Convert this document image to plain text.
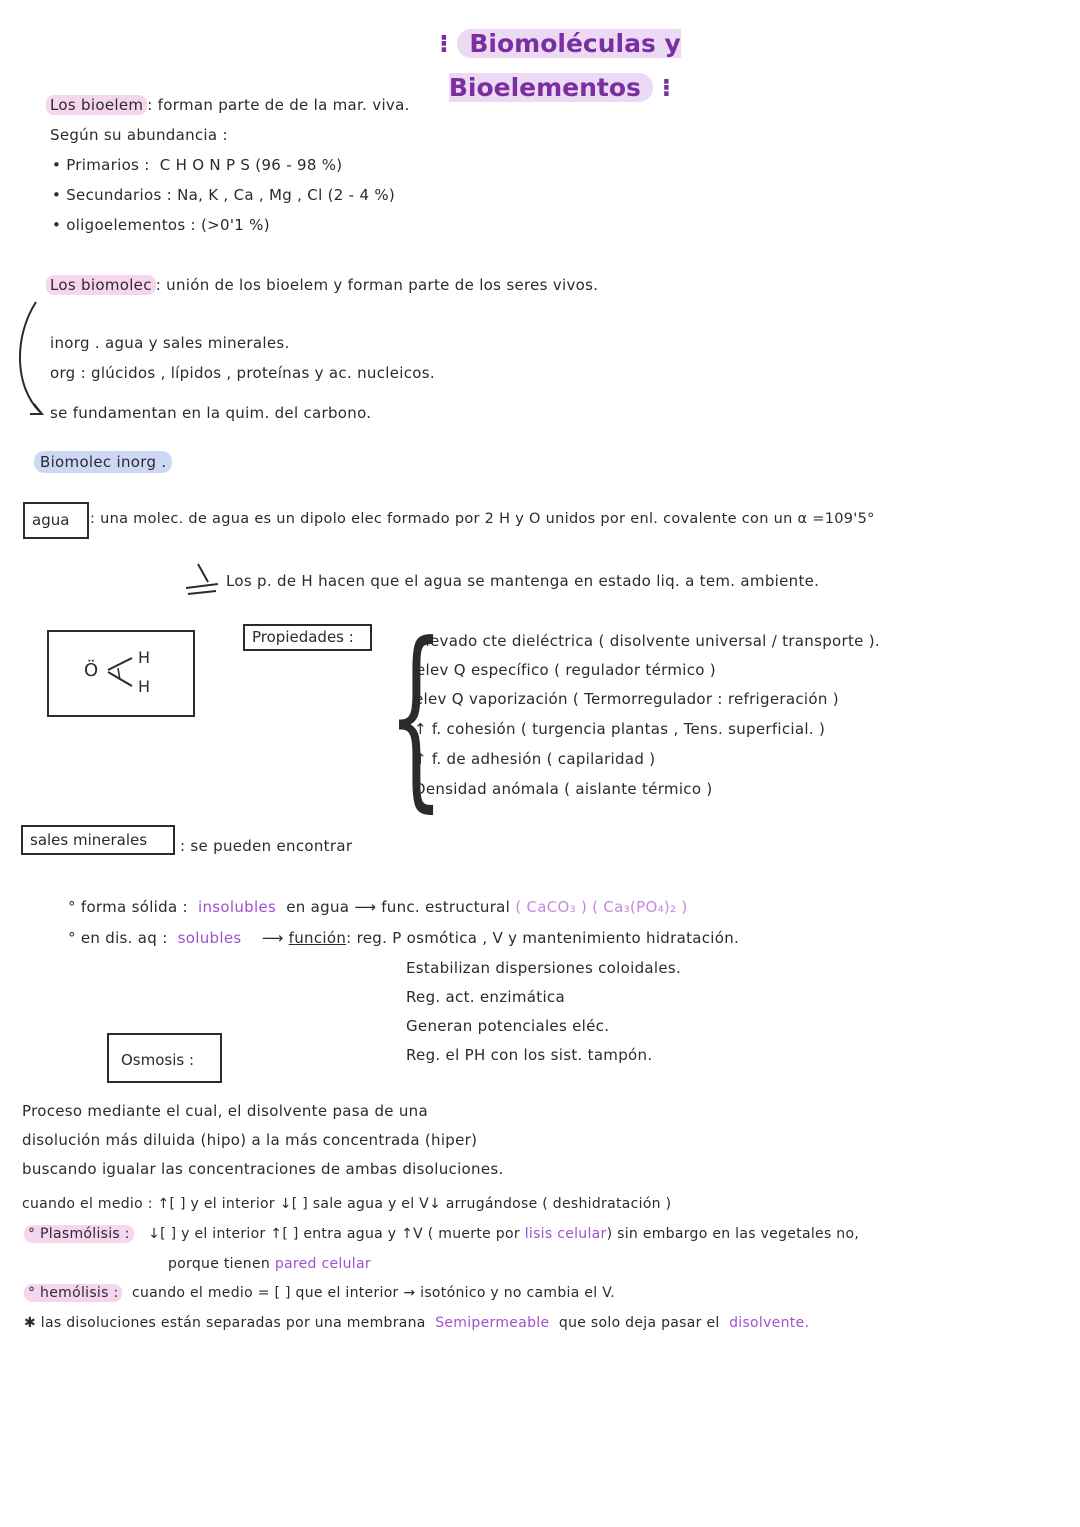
⁝ Biomoléculas y Bioelementos ⁝
Los bioelem : forman parte de de la mar. viva.
Según su abundancia :
• Primarios : C H O N P S (96 - 98 %)
• Secundarios : Na, K , Ca , Mg , Cl (2 - 4 %)
• oligoelementos : (>0'1 %)
Los biomolec : unión de los bioelem y forman parte de los seres vivos.
inorg . agua y sales minerales.
org : glúcidos , lípidos , proteínas y ac. nucleicos.
se fundamentan en la quim. del carbono.
Biomolec inorg .
agua : una molec. de agua es un dipolo elec formado por 2 H y O unidos por enl. covalente con un α =109'5°
Los p. de H hacen que el agua se mantenga en estado liq. a tem. ambiente.
Ö
H
H
Propiedades : {
elevado cte dieléctrica ( disolvente universal / transporte ).
elev Q específico ( regulador térmico )
elev Q vaporización ( Termorregulador : refrigeración )
↑ f. cohesión ( turgencia plantas , Tens. superficial. )
↑ f. de adhesión ( capilaridad )
Densidad anómala ( aislante térmico )
sales minerales : se pueden encontrar
° forma sólida : insolubles en agua ⟶ func. estructural ( CaCO₃ ) ( Ca₃(PO₄)₂ )
° en dis. aq : solubles ⟶ función: reg. P osmótica , V y mantenimiento hidratación.
Estabilizan dispersiones coloidales.
Reg. act. enzimática
Generan potenciales eléc.
Reg. el PH con los sist. tampón.
Osmosis :
Proceso mediante el cual, el disolvente pasa de una
disolución más diluida (hipo) a la más concentrada (hiper)
buscando igualar las concentraciones de ambas disoluciones.
cuando el medio : ↑[ ] y el interior ↓[ ] sale agua y el V↓ arrugándose ( deshidratación )
° Plasmólisis : ↓[ ] y el interior ↑[ ] entra agua y ↑V ( muerte por lisis celular) sin embargo en las vegetales no,
porque tienen pared celular
° hemólisis : cuando el medio = [ ] que el interior → isotónico y no cambia el V.
✱ las disoluciones están separadas por una membrana Semipermeable que solo deja pasar el disolvente.
